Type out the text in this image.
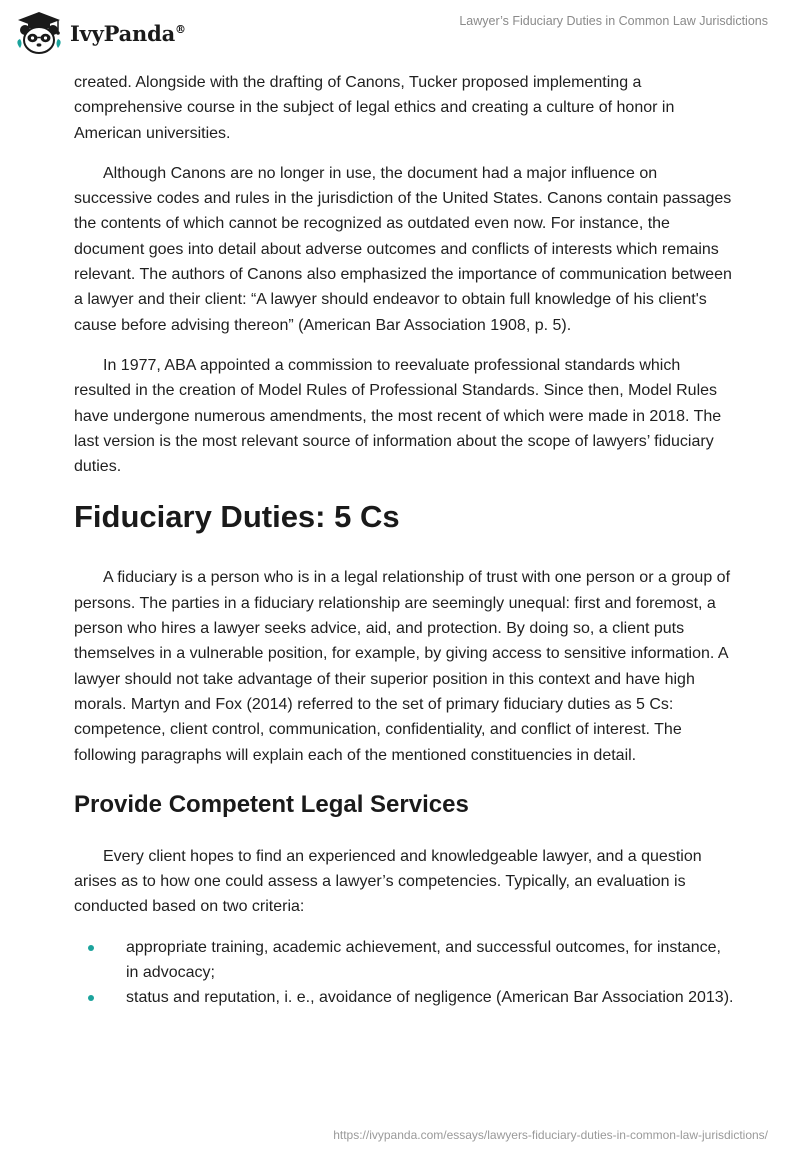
IvyPanda®
Lawyer’s Fiduciary Duties in Common Law Jurisdictions

created. Alongside with the drafting of Canons, Tucker proposed implementing a comprehensive course in the subject of legal ethics and creating a culture of honor in American universities.

Although Canons are no longer in use, the document had a major influence on successive codes and rules in the jurisdiction of the United States. Canons contain passages the contents of which cannot be recognized as outdated even now. For instance, the document goes into detail about adverse outcomes and conflicts of interests which remains relevant. The authors of Canons also emphasized the importance of communication between a lawyer and their client: “A lawyer should endeavor to obtain full knowledge of his client's cause before advising thereon” (American Bar Association 1908, p. 5).

In 1977, ABA appointed a commission to reevaluate professional standards which resulted in the creation of Model Rules of Professional Standards. Since then, Model Rules have undergone numerous amendments, the most recent of which were made in 2018. The last version is the most relevant source of information about the scope of lawyers’ fiduciary duties.

Fiduciary Duties: 5 Cs

A fiduciary is a person who is in a legal relationship of trust with one person or a group of persons. The parties in a fiduciary relationship are seemingly unequal: first and foremost, a person who hires a lawyer seeks advice, aid, and protection. By doing so, a client puts themselves in a vulnerable position, for example, by giving access to sensitive information. A lawyer should not take advantage of their superior position in this context and have high morals. Martyn and Fox (2014) referred to the set of primary fiduciary duties as 5 Cs: competence, client control, communication, confidentiality, and conflict of interest. The following paragraphs will explain each of the mentioned constituencies in detail.

Provide Competent Legal Services

Every client hopes to find an experienced and knowledgeable lawyer, and a question arises as to how one could assess a lawyer’s competencies. Typically, an evaluation is conducted based on two criteria:

appropriate training, academic achievement, and successful outcomes, for instance, in advocacy;
status and reputation, i. e., avoidance of negligence (American Bar Association 2013).
https://ivypanda.com/essays/lawyers-fiduciary-duties-in-common-law-jurisdictions/
